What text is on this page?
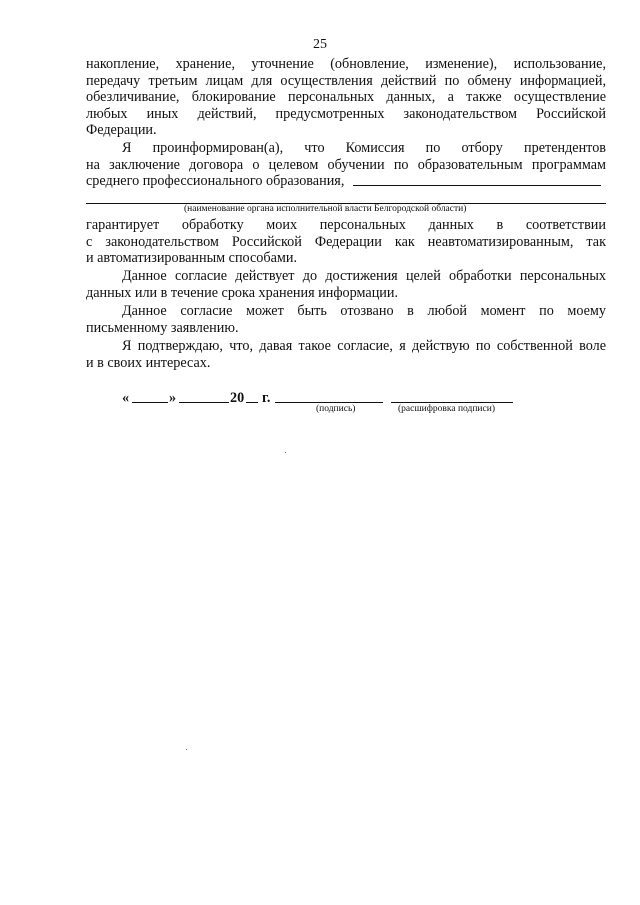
25

накопление, хранение, уточнение (обновление, изменение), использование,

передачу третьим лицам для осуществления действий по обмену информацией,

обезличивание, блокирование персональных данных, а также осуществление

любых иных действий, предусмотренных законодательством Российской

Федерации.

Я проинформирован(а), что Комиссия по отбору претендентов

на заключение договора о целевом обучении по образовательным программам

среднего профессионального образования,

(наименование органа исполнительной власти Белгородской области)

гарантирует обработку моих персональных данных в соответствии

с законодательством Российской Федерации как неавтоматизированным, так

и автоматизированным способами.

Данное согласие действует до достижения целей обработки персональных

данных или в течение срока хранения информации.

Данное согласие может быть отозвано в любой момент по моему

письменному заявлению.

Я подтверждаю, что, давая такое согласие, я действую по собственной воле

и в своих интересах.

«	»	20 г.
(подпись)	(расшифровка подписи)
